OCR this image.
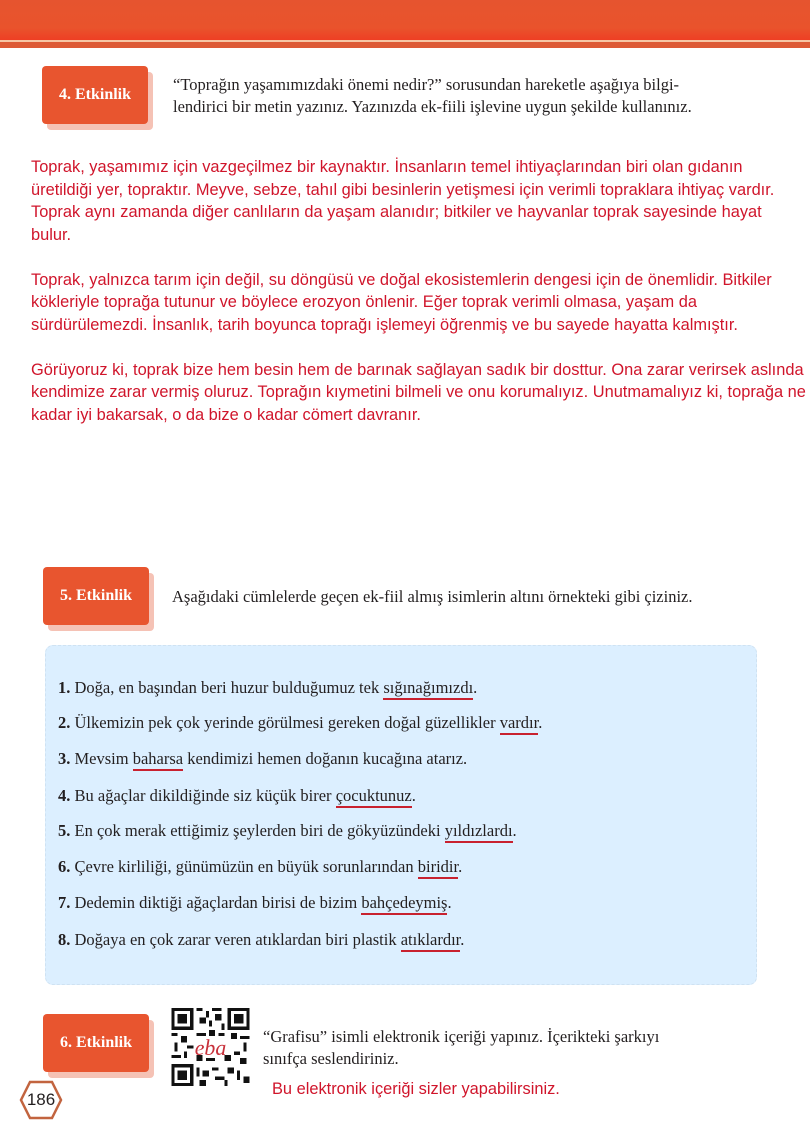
4. Etkinlik
“Toprağın yaşamımızdaki önemi nedir?” sorusundan hareketle aşağıya bilgi-
lendirici bir metin yazınız. Yazınızda ek-fiili işlevine uygun şekilde kullanınız.

Toprak, yaşamımız için vazgeçilmez bir kaynaktır. İnsanların temel ihtiyaçlarından biri olan gıdanın üretildiği yer, topraktır. Meyve, sebze, tahıl gibi besinlerin yetişmesi için verimli topraklara ihtiyaç vardır. Toprak aynı zamanda diğer canlıların da yaşam alanıdır; bitkiler ve hayvanlar toprak sayesinde hayat bulur.

Toprak, yalnızca tarım için değil, su döngüsü ve doğal ekosistemlerin dengesi için de önemlidir. Bitkiler kökleriyle toprağa tutunur ve böylece erozyon önlenir. Eğer toprak verimli olmasa, yaşam da sürdürülemezdi. İnsanlık, tarih boyunca toprağı işlemeyi öğrenmiş ve bu sayede hayatta kalmıştır.

Görüyoruz ki, toprak bize hem besin hem de barınak sağlayan sadık bir dosttur. Ona zarar verirsek aslında kendimize zarar vermiş oluruz. Toprağın kıymetini bilmeli ve onu korumalıyız. Unutmamalıyız ki, toprağa ne kadar iyi bakarsak, o da bize o kadar cömert davranır.

5. Etkinlik	Aşağıdaki cümlelerde geçen ek-fiil almış isimlerin altını örnekteki gibi çiziniz.
1. Doğa, en başından beri huzur bulduğumuz tek sığınağımızdı.
2. Ülkemizin pek çok yerinde görülmesi gereken doğal güzellikler vardır.
3. Mevsim baharsa kendimizi hemen doğanın kucağına atarız.
4. Bu ağaçlar dikildiğinde siz küçük birer çocuktunuz.
5. En çok merak ettiğimiz şeylerden biri de gökyüzündeki yıldızlardı.
6. Çevre kirliliği, günümüzün en büyük sorunlarından biridir.
7. Dedemin diktiği ağaçlardan birisi de bizim bahçedeymiş.
8. Doğaya en çok zarar veren atıklardan biri plastik atıklardır.
6. Etkinlik	eba “Grafisu” isimli elektronik içeriği yapınız. İçerikteki şarkıyı
sınıfça seslendiriniz.
Bu elektronik içeriği sizler yapabilirsiniz.
186
